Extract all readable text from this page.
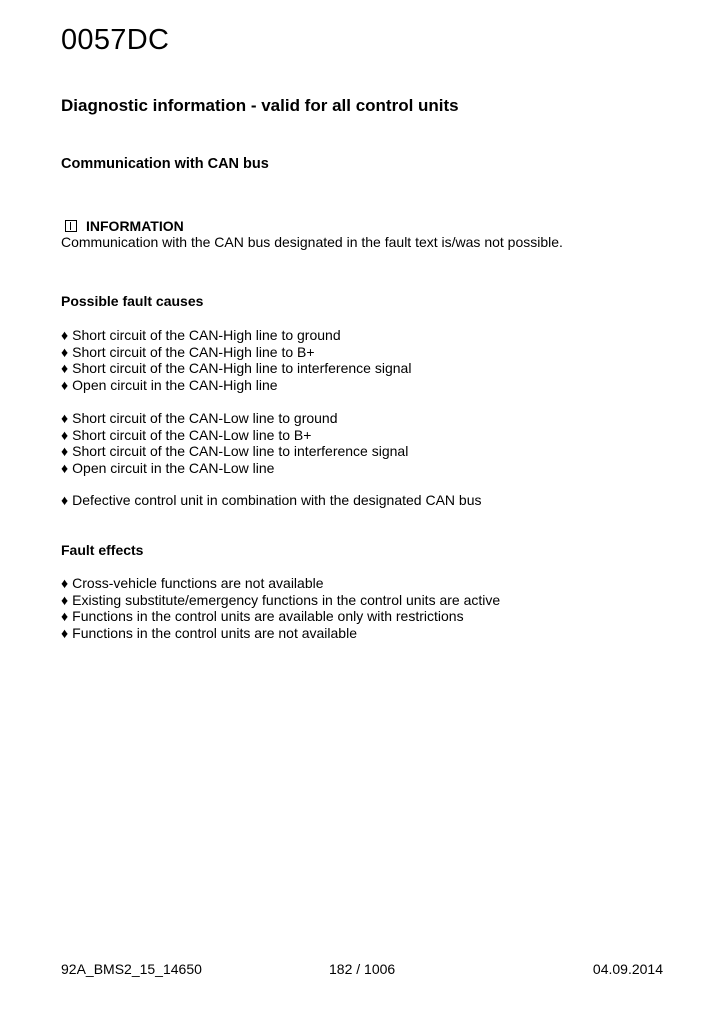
0057DC
Diagnostic information - valid for all control units
Communication with CAN bus
INFORMATION
Communication with the CAN bus designated in the fault text is/was not possible.
Possible fault causes
♦ Short circuit of the CAN-High line to ground
♦ Short circuit of the CAN-High line to B+
♦ Short circuit of the CAN-High line to interference signal
♦ Open circuit in the CAN-High line
♦ Short circuit of the CAN-Low line to ground
♦ Short circuit of the CAN-Low line to B+
♦ Short circuit of the CAN-Low line to interference signal
♦ Open circuit in the CAN-Low line
♦ Defective control unit in combination with the designated CAN bus
Fault effects
♦ Cross-vehicle functions are not available
♦ Existing substitute/emergency functions in the control units are active
♦ Functions in the control units are available only with restrictions
♦ Functions in the control units are not available
92A_BMS2_15_14650	182 / 1006	04.09.2014
